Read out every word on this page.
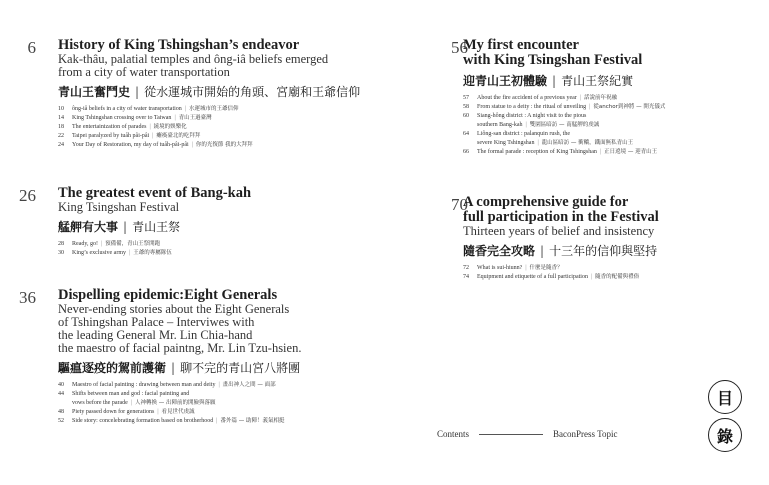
6 History of King Tshingshan’s endeavor

Kak-thâu, palatial temples and ông-iâ beliefs emerged
from a city of water transportation

青山王奮鬥史 | 從水運城市開始的角頭、宮廟和王爺信仰

10 ông-iâ beliefs in a city of water transportation | 水運城市的王爺信仰
14 King Tshingshan crossing over to Taiwan | 青山王過臺灣
18 The entertainization of parades | 繞境的娛樂化
22 Taipei paralyzed by tuåh pâi-pâi | 癱瘓臺北的吃拜拜
24 Your Day of Restoration, my day of tuåh-pâi-pâi | 你的光復節 我的大拜拜
26 The greatest event of Bang-kah

King Tsingshan Festival

艋舺有大事 | 青山王祭

28 Ready, go! | 預備備，青山王祭開跑
30 King’s exclusive army | 王爺的專屬隊伍
36 Dispelling epidemic:Eight Generals

Never-ending stories about the Eight Generals
of Tshingshan Palace – Interviwes with
the leading General Mr. Lin Chia-hand
the maestro of facial paintng, Mr. Lin Tzu-hsien.

驅瘟逐疫的駕前護衛 | 聊不完的青山宮八將團

40 Maestro of facial painting : drawing between man and deity | 畫出神人之間 — 面部
44 Shifts between man and god : facial painting and
vows before the parade | 人神轉換 — 出陣前的開臉與落願
48 Piety passed down for generations | 看見世代虔誠
52 Side story: concelebrating formation based on brotherhood | 番外篇 — 助陣！義氣相挺
56

My first encounter
with King Tsingshan Festival

迎青山王初體驗 | 青山王祭紀實

57 About the fire accident of a previous year | 話說前年祝融
58 From statue to a deity : the ritual of unveiling | 從anchor到神將 — 開光儀式
60 Siang-hông district : A night visit to the pious
southern Bang-kah | 雙園區暗訪 — 南艋舺的虔誠
64 Liông-san district : palanquin rush, the
severe King Tshingshan | 龍山區暗訪 — 衝轎，鐵面無私青山王
66 The formal parade : reception of King Tshingshan | 正日遶境 — 迎青山王
70

A comprehensive guide for
full participation in the Festival

Thirteen years of belief and insistency

隨香完全攻略 | 十三年的信仰與堅持

72 What is sui-hiunn? | 什麼是隨香？
74 Equipment and etiquette of a full participation | 隨香的配備與禮俗
Contents	BaconPress Topic
目
錄
